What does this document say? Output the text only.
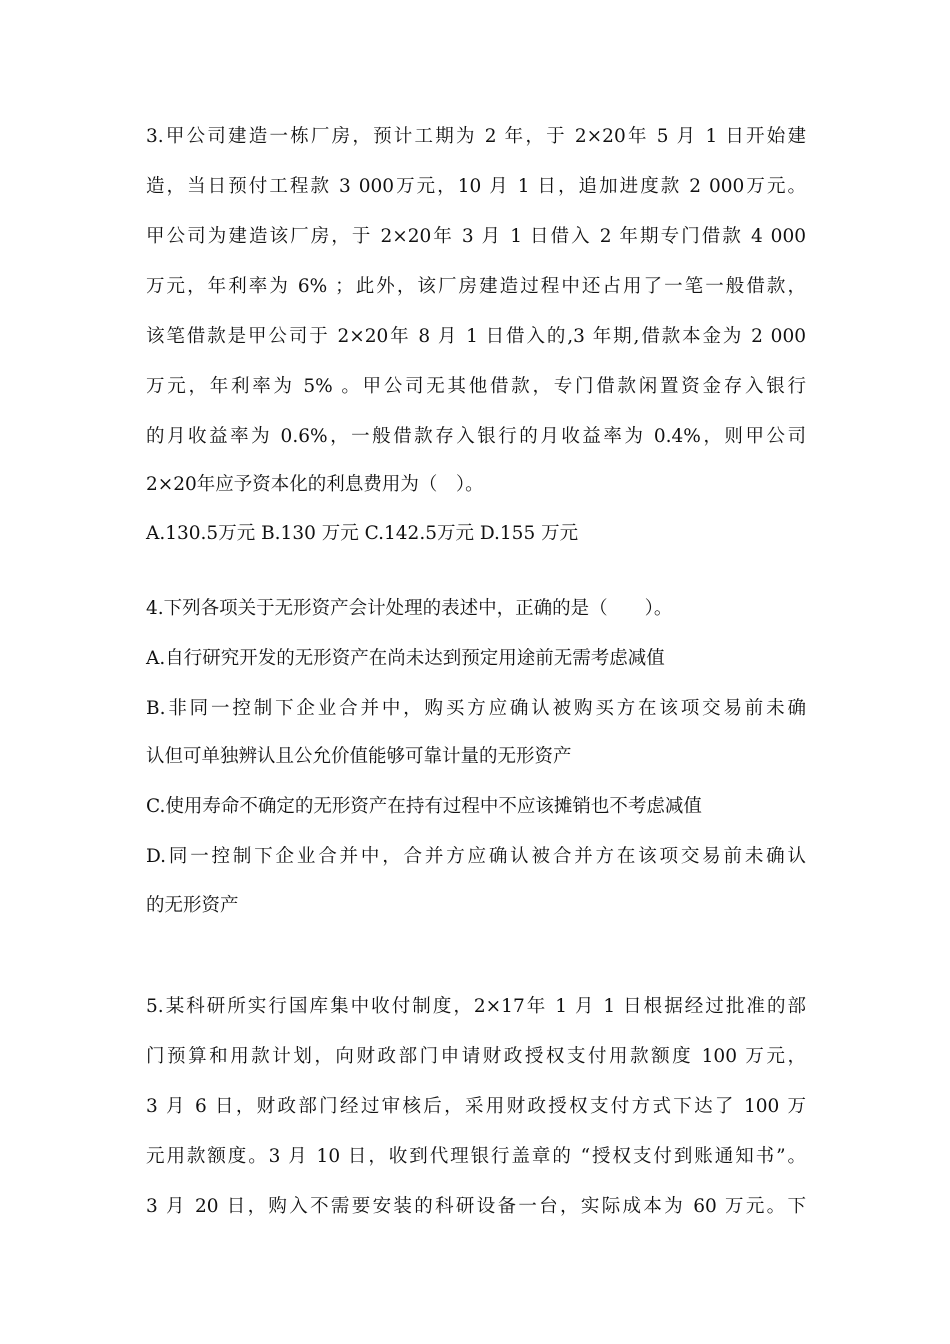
3.甲公司建造一栋厂房，预计工期为 2 年，于 2×20年 5 月 1 日开始建
造，当日预付工程款 3 000万元，10 月 1 日，追加进度款 2 000万元。
甲公司为建造该厂房，于 2×20年 3 月 1 日借入 2 年期专门借款 4 000
万元，年利率为 6% ；此外，该厂房建造过程中还占用了一笔一般借款，
该笔借款是甲公司于 2×20年 8 月 1 日借入的,3 年期,借款本金为 2 000
万元，年利率为 5% 。甲公司无其他借款，专门借款闲置资金存入银行
的月收益率为 0.6%，一般借款存入银行的月收益率为 0.4%，则甲公司
2×20年应予资本化的利息费用为（　）。
A.130.5万元 B.130 万元 C.142.5万元 D.155 万元
4.下列各项关于无形资产会计处理的表述中，正确的是（　　）。
A.自行研究开发的无形资产在尚未达到预定用途前无需考虑减值
B.非同一控制下企业合并中，购买方应确认被购买方在该项交易前未确
认但可单独辨认且公允价值能够可靠计量的无形资产
C.使用寿命不确定的无形资产在持有过程中不应该摊销也不考虑减值
D.同一控制下企业合并中，合并方应确认被合并方在该项交易前未确认
的无形资产
5.某科研所实行国库集中收付制度，2×17年 1 月 1 日根据经过批准的部
门预算和用款计划，向财政部门申请财政授权支付用款额度 100 万元，
3 月 6 日，财政部门经过审核后，采用财政授权支付方式下达了 100 万
元用款额度。3 月 10 日，收到代理银行盖章的 “授权支付到账通知书”。
3 月 20 日，购入不需要安装的科研设备一台，实际成本为 60 万元。下
